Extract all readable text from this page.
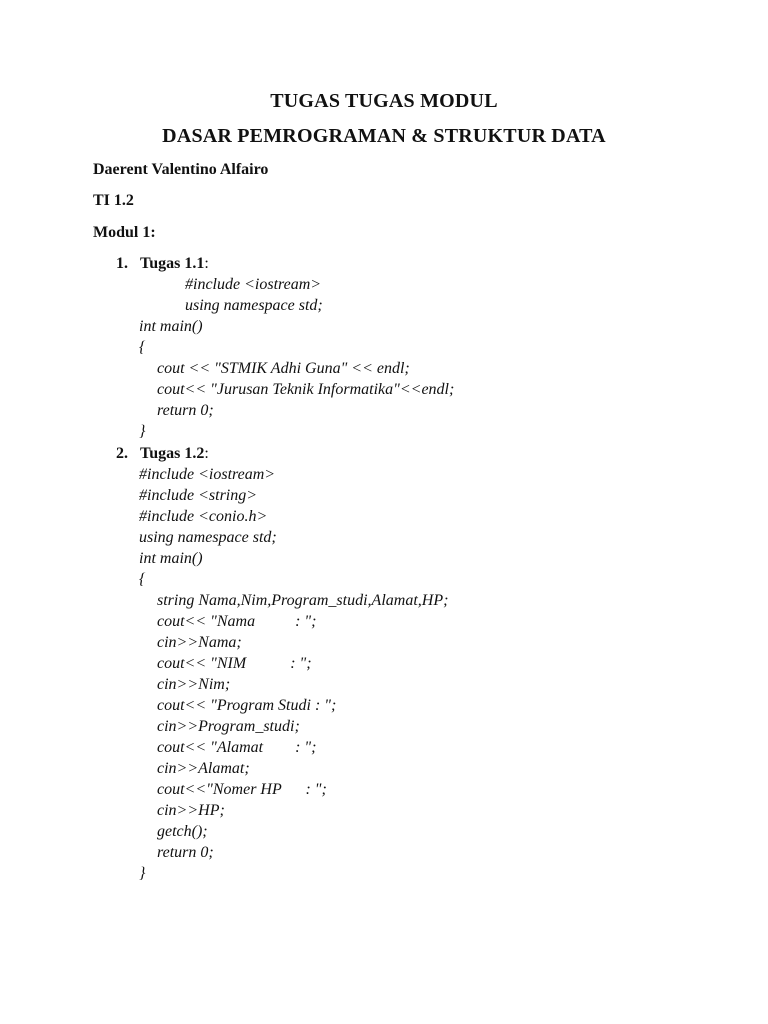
TUGAS TUGAS MODUL
DASAR PEMROGRAMAN & STRUKTUR DATA
Daerent Valentino Alfairo
TI 1.2
Modul 1:
1. Tugas 1.1:
2. Tugas 1.2:
#include <iostream>
using namespace std;
int main()
{
cout << "STMIK Adhi Guna" << endl;
cout<< "Jurusan Teknik Informatika"<<endl;
return 0;
}
#include <iostream>
#include <string>
#include <conio.h>
using namespace std;
int main()
{
string Nama,Nim,Program_studi,Alamat,HP;
cout<< "Nama          : ";
cin>>Nama;
cout<< "NIM           : ";
cin>>Nim;
cout<< "Program Studi : ";
cin>>Program_studi;
cout<< "Alamat        : ";
cin>>Alamat;
cout<<"Nomer HP      : ";
cin>>HP;
getch();
return 0;
}
